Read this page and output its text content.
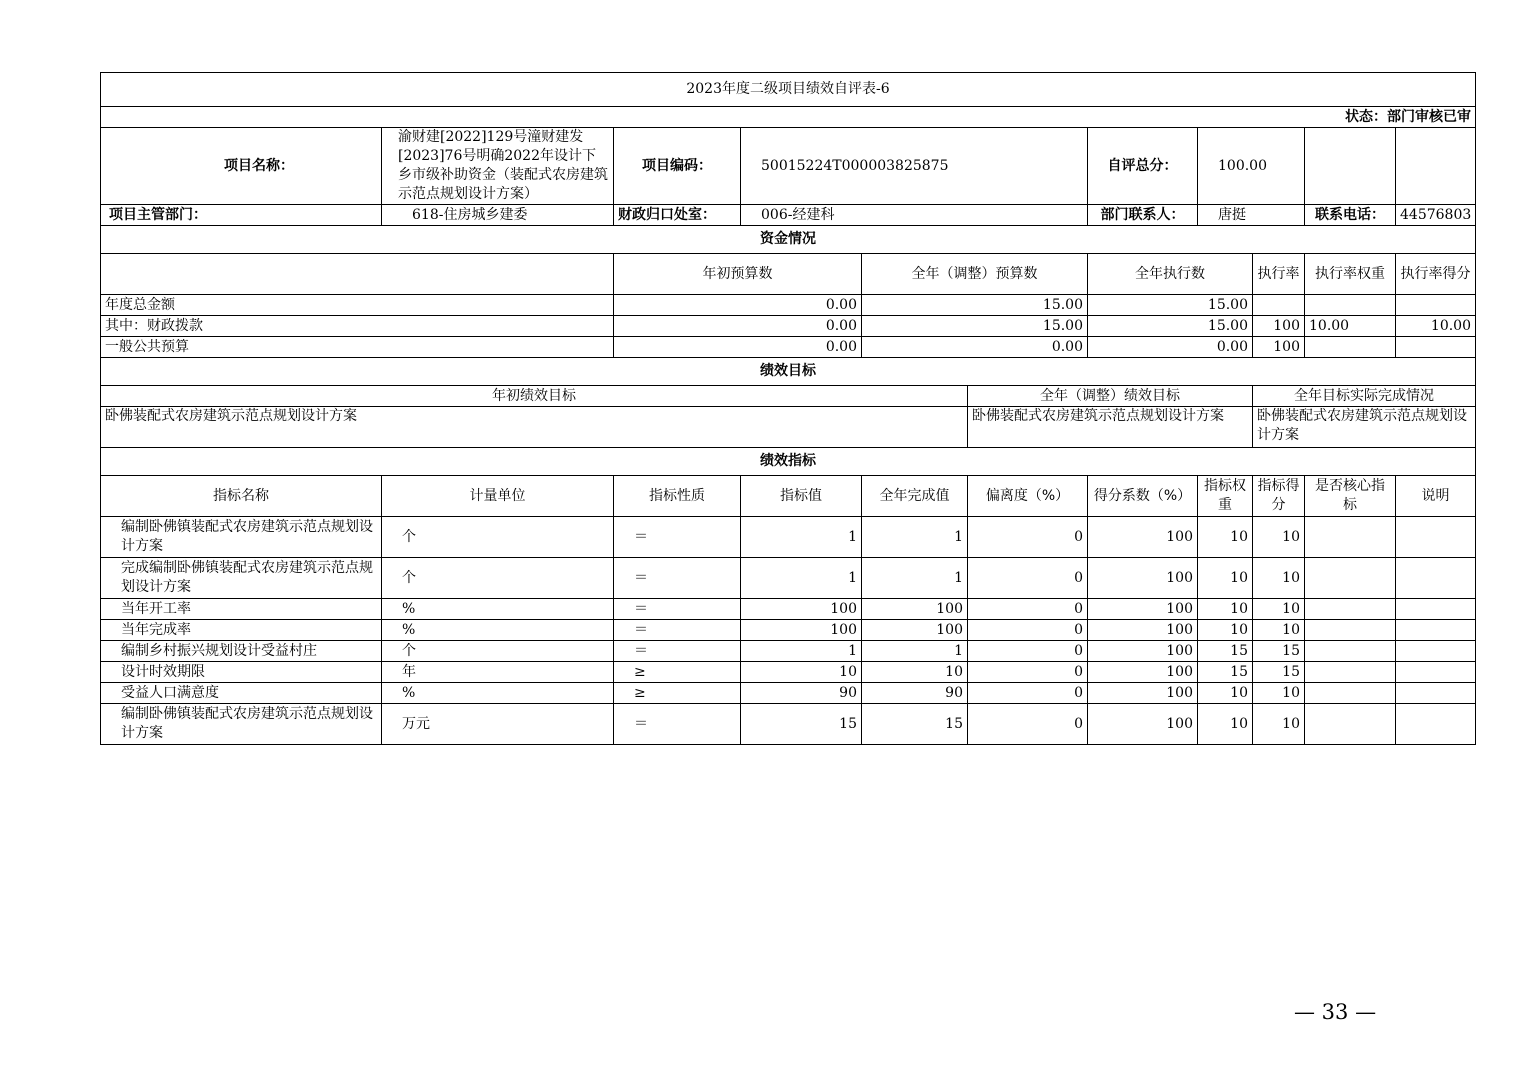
2023年度二级项目绩效自评表-6										
状态：部门审核已审										
项目名称：	渝财建[2022]129号潼财建发[2023]76号明确2022年设计下乡市级补助资金（装配式农房建筑示范点规划设计方案）	项目编码：	50015224T000003825875			自评总分：	100.00			
项目主管部门：	618-住房城乡建委	财政归口处室：	006-经建科			部门联系人：	唐挺		联系电话：	44576803
资金情况										
		年初预算数		全年（调整）预算数		全年执行数		执行率	执行率权重	执行率得分
年度总金额		0.00		15.00		15.00				
其中：财政拨款		0.00		15.00		15.00		100	10.00	10.00
一般公共预算		0.00		0.00		0.00		100		
绩效目标										
年初绩效目标					全年（调整）绩效目标			全年目标实际完成情况		
卧佛装配式农房建筑示范点规划设计方案					卧佛装配式农房建筑示范点规划设计方案			卧佛装配式农房建筑示范点规划设计方案		
绩效指标										
指标名称	计量单位	指标性质	指标值	全年完成值	偏离度（%）	得分系数（%）	指标权重	指标得分	是否核心指标	说明
编制卧佛镇装配式农房建筑示范点规划设计方案	个	＝	1	1	0	100	10	10		
完成编制卧佛镇装配式农房建筑示范点规划设计方案	个	＝	1	1	0	100	10	10		
当年开工率	%	＝	100	100	0	100	10	10		
当年完成率	%	＝	100	100	0	100	10	10		
编制乡村振兴规划设计受益村庄	个	＝	1	1	0	100	15	15		
设计时效期限	年	≥	10	10	0	100	15	15		
受益人口满意度	%	≥	90	90	0	100	10	10		
编制卧佛镇装配式农房建筑示范点规划设计方案	万元	＝	15	15	0	100	10	10		
— 33 —
